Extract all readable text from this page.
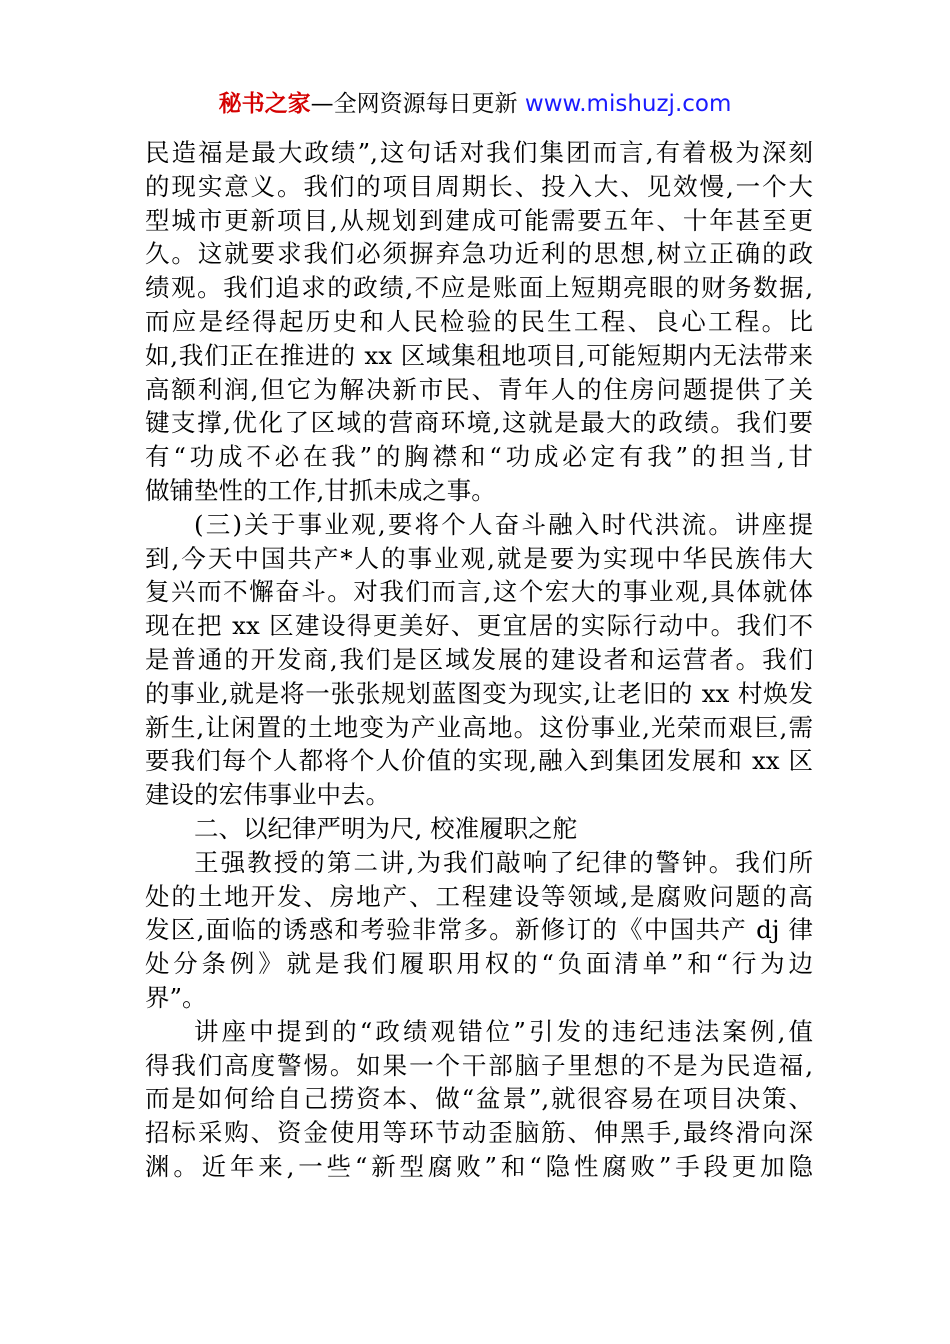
秘书之家—全网资源每日更新 www.mishuzj.com
民造福是最大政绩”,这句话对我们集团而言,有着极为深刻
的现实意义。我们的项目周期长、投入大、见效慢,一个大
型城市更新项目,从规划到建成可能需要五年、十年甚至更
久。这就要求我们必须摒弃急功近利的思想,树立正确的政
绩观。我们追求的政绩,不应是账面上短期亮眼的财务数据,
而应是经得起历史和人民检验的民生工程、良心工程。比
如,我们正在推进的 xx 区域集租地项目,可能短期内无法带来
高额利润,但它为解决新市民、青年人的住房问题提供了关
键支撑,优化了区域的营商环境,这就是最大的政绩。我们要
有“功成不必在我”的胸襟和“功成必定有我”的担当,甘
做铺垫性的工作,甘抓未成之事。
(三)关于事业观,要将个人奋斗融入时代洪流。讲座提
到,今天中国共产*人的事业观,就是要为实现中华民族伟大
复兴而不懈奋斗。对我们而言,这个宏大的事业观,具体就体
现在把 xx 区建设得更美好、更宜居的实际行动中。我们不
是普通的开发商,我们是区域发展的建设者和运营者。我们
的事业,就是将一张张规划蓝图变为现实,让老旧的 xx 村焕发
新生,让闲置的土地变为产业高地。这份事业,光荣而艰巨,需
要我们每个人都将个人价值的实现,融入到集团发展和 xx 区
建设的宏伟事业中去。
二、以纪律严明为尺, 校准履职之舵
王强教授的第二讲,为我们敲响了纪律的警钟。我们所
处的土地开发、房地产、工程建设等领域,是腐败问题的高
发区,面临的诱惑和考验非常多。新修订的《中国共产 dj 律
处分条例》就是我们履职用权的“负面清单”和“行为边
界”。
讲座中提到的“政绩观错位”引发的违纪违法案例,值
得我们高度警惕。如果一个干部脑子里想的不是为民造福,
而是如何给自己捞资本、做“盆景”,就很容易在项目决策、
招标采购、资金使用等环节动歪脑筋、伸黑手,最终滑向深
渊。近年来,一些“新型腐败”和“隐性腐败”手段更加隐
